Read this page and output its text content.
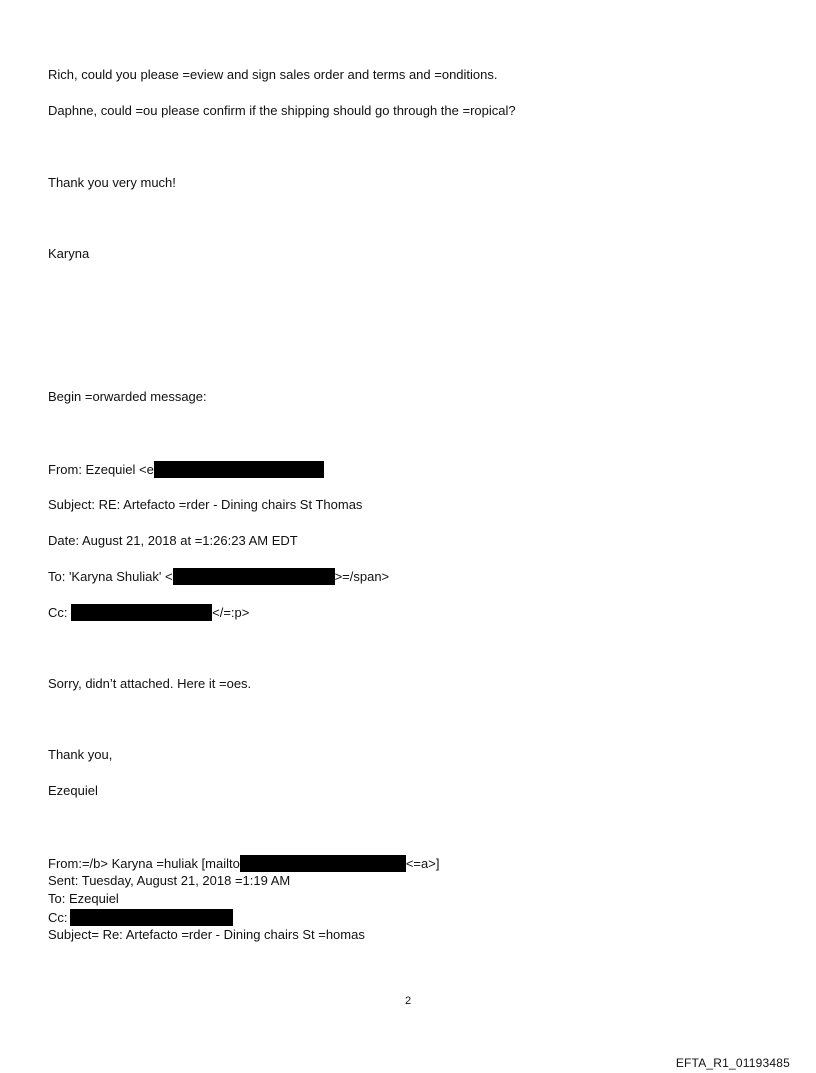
Rich, could you please =eview and sign sales order and terms and =onditions.
Daphne, could =ou please confirm if the shipping should go through the =ropical?
Thank you very much!
Karyna
Begin =orwarded message:
From: Ezequiel <e
Subject: RE: Artefacto =rder - Dining chairs St Thomas
Date: August 21, 2018 at =1:26:23 AM EDT
To: 'Karyna Shuliak' <	>=/span>
Cc:	</=:p>
Sorry, didn’t attached. Here it =oes.
Thank you,
Ezequiel
From:=/b> Karyna =huliak [mailto	<=a>]
Sent: Tuesday, August 21, 2018 =1:19 AM
To: Ezequiel
Cc:
Subject= Re: Artefacto =rder - Dining chairs St =homas
2
EFTA_R1_01193485
